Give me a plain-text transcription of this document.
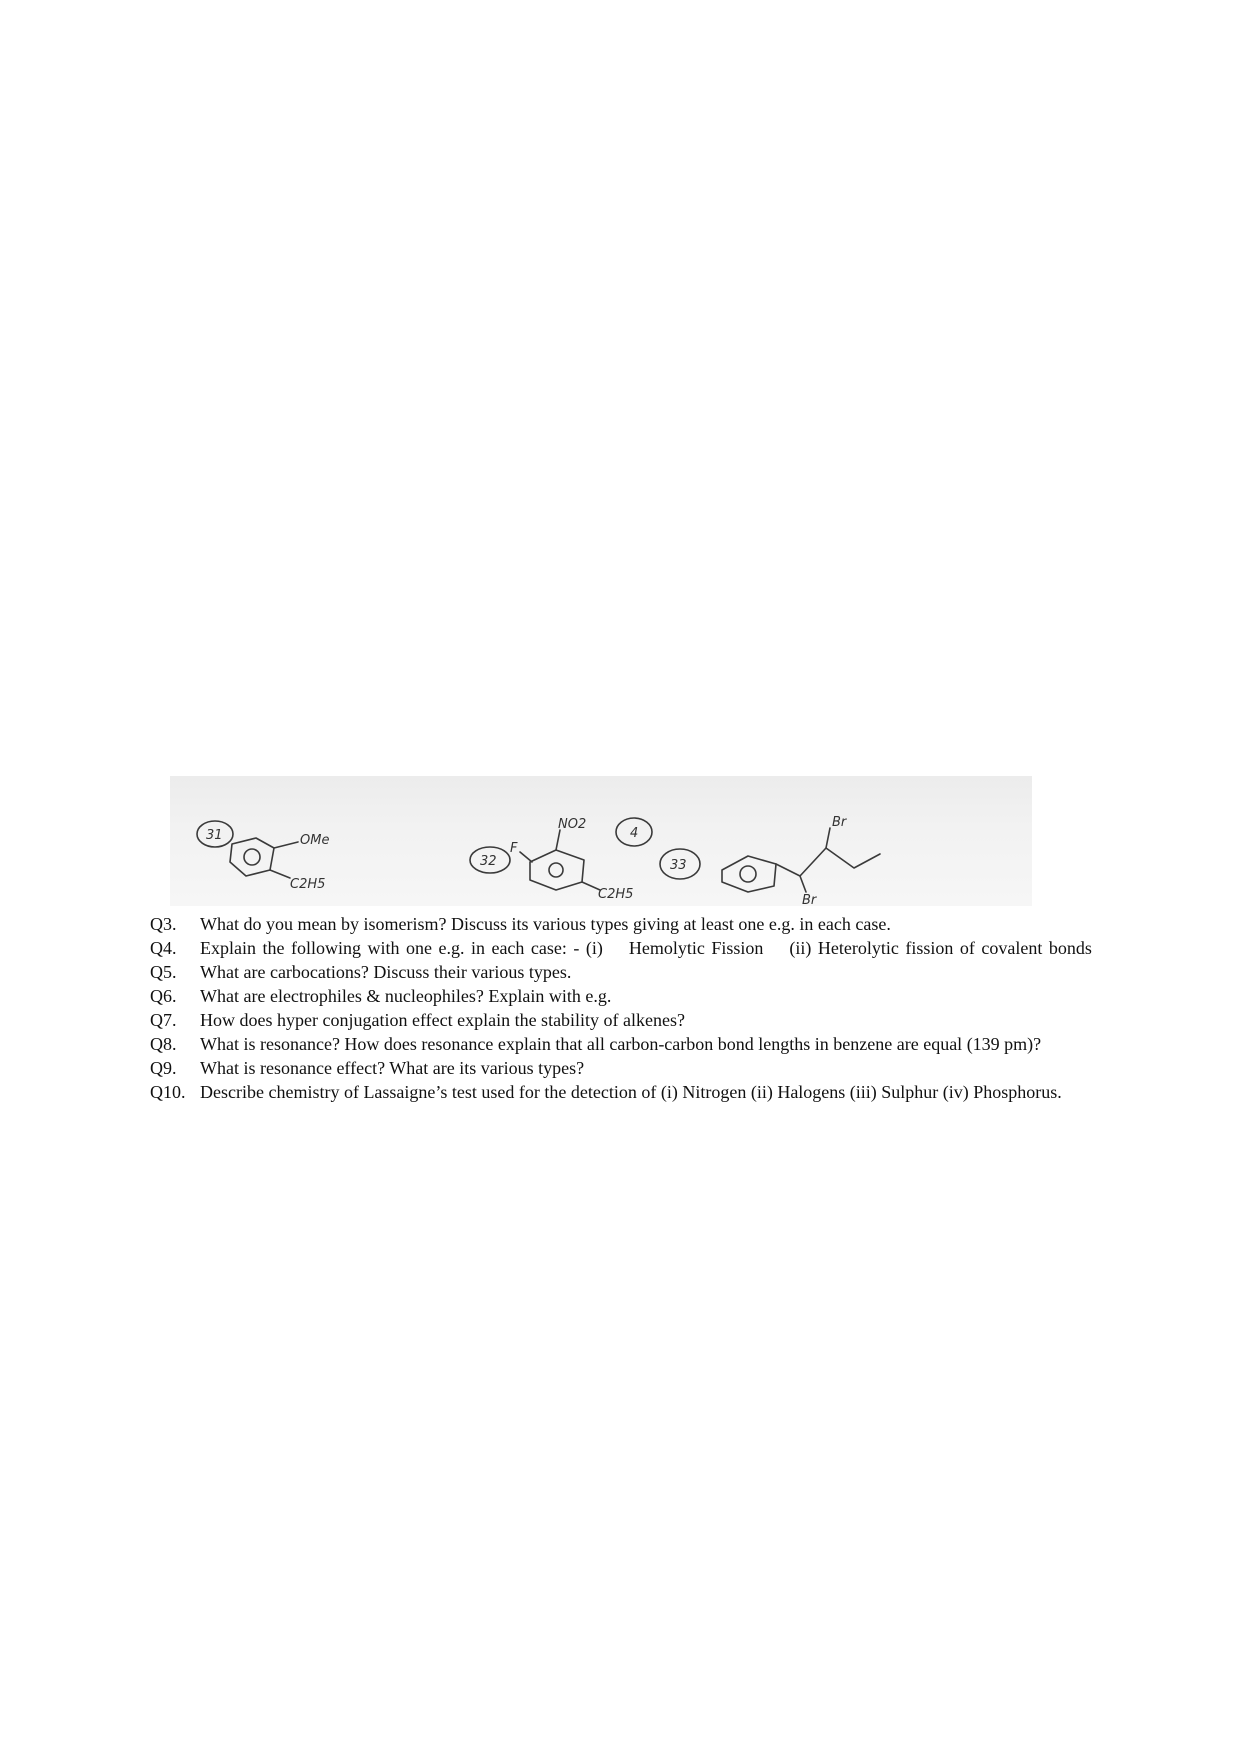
31	OMe
C2H5
32
F
NO2
C2H5
4
33
Br
Br
Q3.	What do you mean by isomerism? Discuss its various types giving at least one e.g. in each case.
Q4.	Explain the following with one e.g. in each case: - (i) Hemolytic Fission (ii) Heterolytic fission of covalent bonds
Q5.	What are carbocations? Discuss their various types.
Q6.	What are electrophiles & nucleophiles? Explain with e.g.
Q7.	How does hyper conjugation effect explain the stability of alkenes?
Q8.	What is resonance? How does resonance explain that all carbon-carbon bond lengths in benzene are equal (139 pm)?
Q9.	What is resonance effect? What are its various types?
Q10. Describe chemistry of Lassaigne’s test used for the detection of (i) Nitrogen (ii) Halogens (iii) Sulphur (iv) Phosphorus.
